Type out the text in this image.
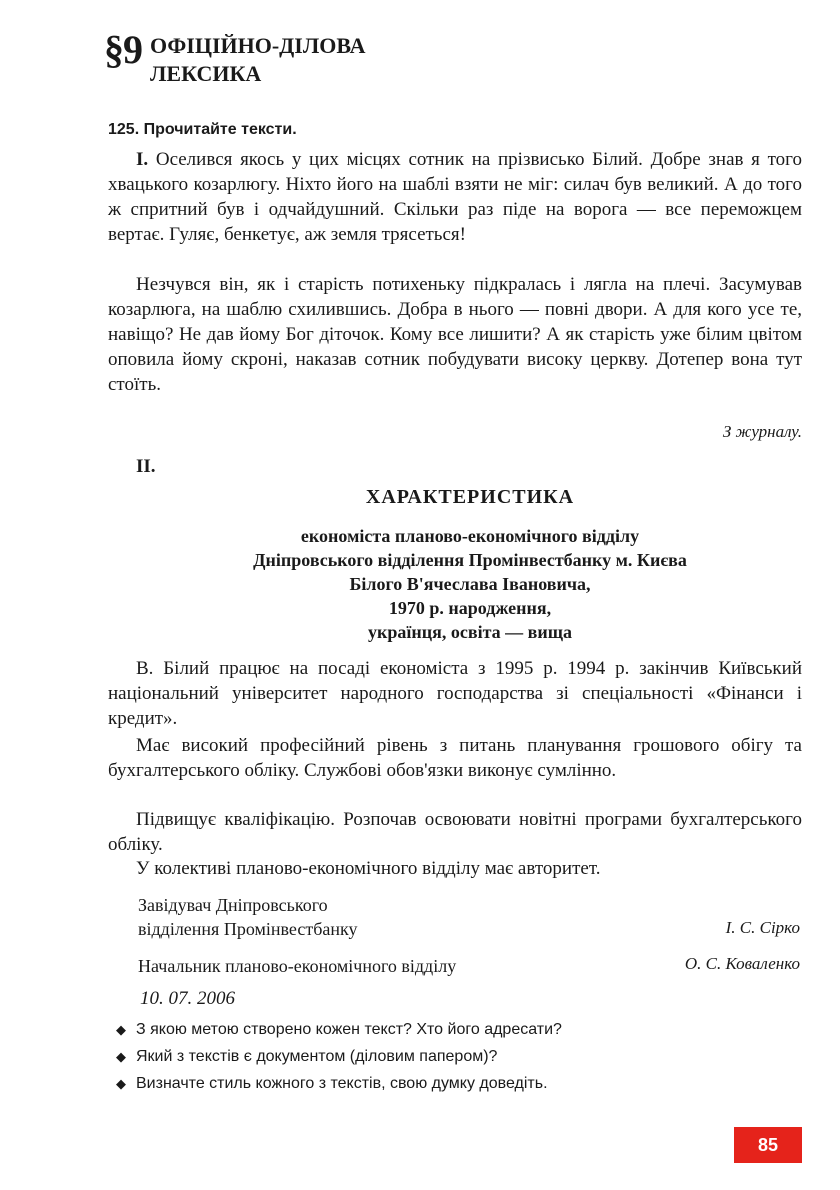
§9 ОФІЦІЙНО-ДІЛОВА
ЛЕКСИКА
125. Прочитайте тексти.
I. Оселився якось у цих місцях сотник на прізвисько Білий. Добре знав я того хвацького козарлюгу. Ніхто його на шаблі взяти не міг: силач був великий. А до того ж спритний був і одчайдушний. Скільки раз піде на ворога — все переможцем вертає. Гуляє, бенкетує, аж земля трясеться!
Незчувся він, як і старість потихеньку підкралась і лягла на плечі. Засумував козарлюга, на шаблю схилившись. Добра в нього — повні двори. А для кого усе те, навіщо? Не дав йому Бог діточок. Кому все лишити? А як старість уже білим цвітом оповила йому скроні, наказав сотник побудувати високу церкву. Дотепер вона тут стоїть.
З журналу.
II.
ХАРАКТЕРИСТИКА
економіста планово-економічного відділу
Дніпровського відділення Промінвестбанку м. Києва
Білого В'ячеслава Івановича,
1970 р. народження,
українця, освіта — вища
В. Білий працює на посаді економіста з 1995 р. 1994 р. закінчив Київський національний університет народного господарства зі спеціальності «Фінанси і кредит».
Має високий професійний рівень з питань планування грошового обігу та бухгалтерського обліку. Службові обов'язки виконує сумлінно.
Підвищує кваліфікацію. Розпочав освоювати новітні програми бухгалтерського обліку.
У колективі планово-економічного відділу має авторитет.
Завідувач Дніпровського
відділення Промінвестбанку	І. С. Сірко
Начальник планово-економічного відділу	О. С. Коваленко
10. 07. 2006
◆ З якою метою створено кожен текст? Хто його адресати?
◆ Який з текстів є документом (діловим папером)?
◆ Визначте стиль кожного з текстів, свою думку доведіть.
85
